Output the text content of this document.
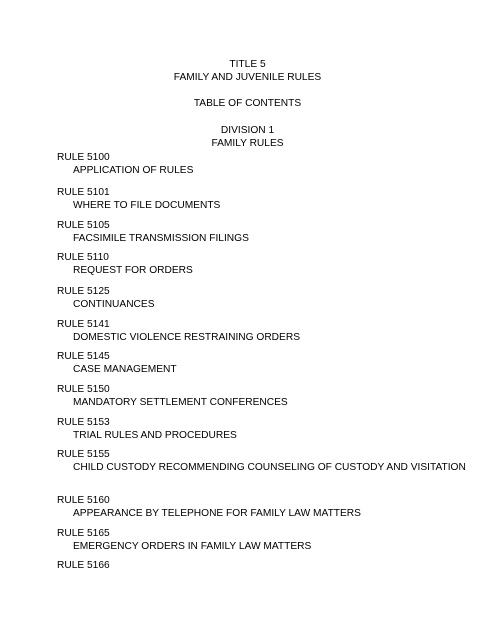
TITLE 5
FAMILY AND JUVENILE RULES
TABLE OF CONTENTS
DIVISION 1
FAMILY RULES
RULE 5100
APPLICATION OF RULES
RULE 5101
WHERE TO FILE DOCUMENTS
RULE 5105
FACSIMILE TRANSMISSION FILINGS
RULE 5110
REQUEST FOR ORDERS
RULE 5125
CONTINUANCES
RULE 5141
DOMESTIC VIOLENCE RESTRAINING ORDERS
RULE 5145
CASE MANAGEMENT
RULE 5150
MANDATORY SETTLEMENT CONFERENCES
RULE 5153
TRIAL RULES AND PROCEDURES
RULE 5155
CHILD CUSTODY RECOMMENDING COUNSELING OF CUSTODY AND VISITATION
RULE 5160
APPEARANCE BY TELEPHONE FOR FAMILY LAW MATTERS
RULE 5165
EMERGENCY ORDERS IN FAMILY LAW MATTERS
RULE 5166
